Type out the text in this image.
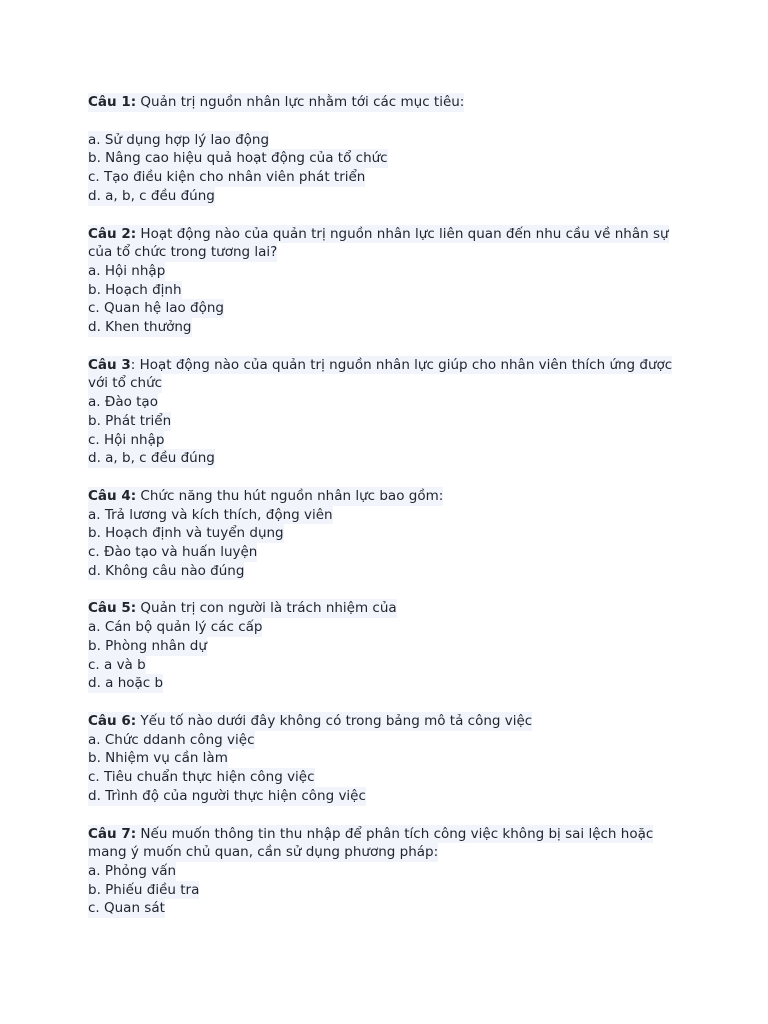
Câu 1: Quản trị nguồn nhân lực nhằm tới các mục tiêu:
a. Sử dụng hợp lý lao động
b. Nâng cao hiệu quả hoạt động của tổ chức
c. Tạo điều kiện cho nhân viên phát triển
d. a, b, c đều đúng
Câu 2: Hoạt động nào của quản trị nguồn nhân lực liên quan đến nhu cầu về nhân sự
của tổ chức trong tương lai?
a. Hội nhập
b. Hoạch định
c. Quan hệ lao động
d. Khen thưởng
Câu 3: Hoạt động nào của quản trị nguồn nhân lực giúp cho nhân viên thích ứng được
với tổ chức
a. Đào tạo
b. Phát triển
c. Hội nhập
d. a, b, c đều đúng
Câu 4: Chức năng thu hút nguồn nhân lực bao gồm:
a. Trả lương và kích thích, động viên
b. Hoạch định và tuyển dụng
c. Đào tạo và huấn luyện
d. Không câu nào đúng
Câu 5: Quản trị con người là trách nhiệm của
a. Cán bộ quản lý các cấp
b. Phòng nhân dự
c. a và b
d. a hoặc b
Câu 6: Yếu tố nào dưới đây không có trong bảng mô tả công việc
a. Chức ddanh công việc
b. Nhiệm vụ cần làm
c. Tiêu chuẩn thực hiện công việc
d. Trình độ của người thực hiện công việc
Câu 7: Nếu muốn thông tin thu nhập để phân tích công việc không bị sai lệch hoặc
mang ý muốn chủ quan, cần sử dụng phương pháp:
a. Phỏng vấn
b. Phiếu điều tra
c. Quan sát
